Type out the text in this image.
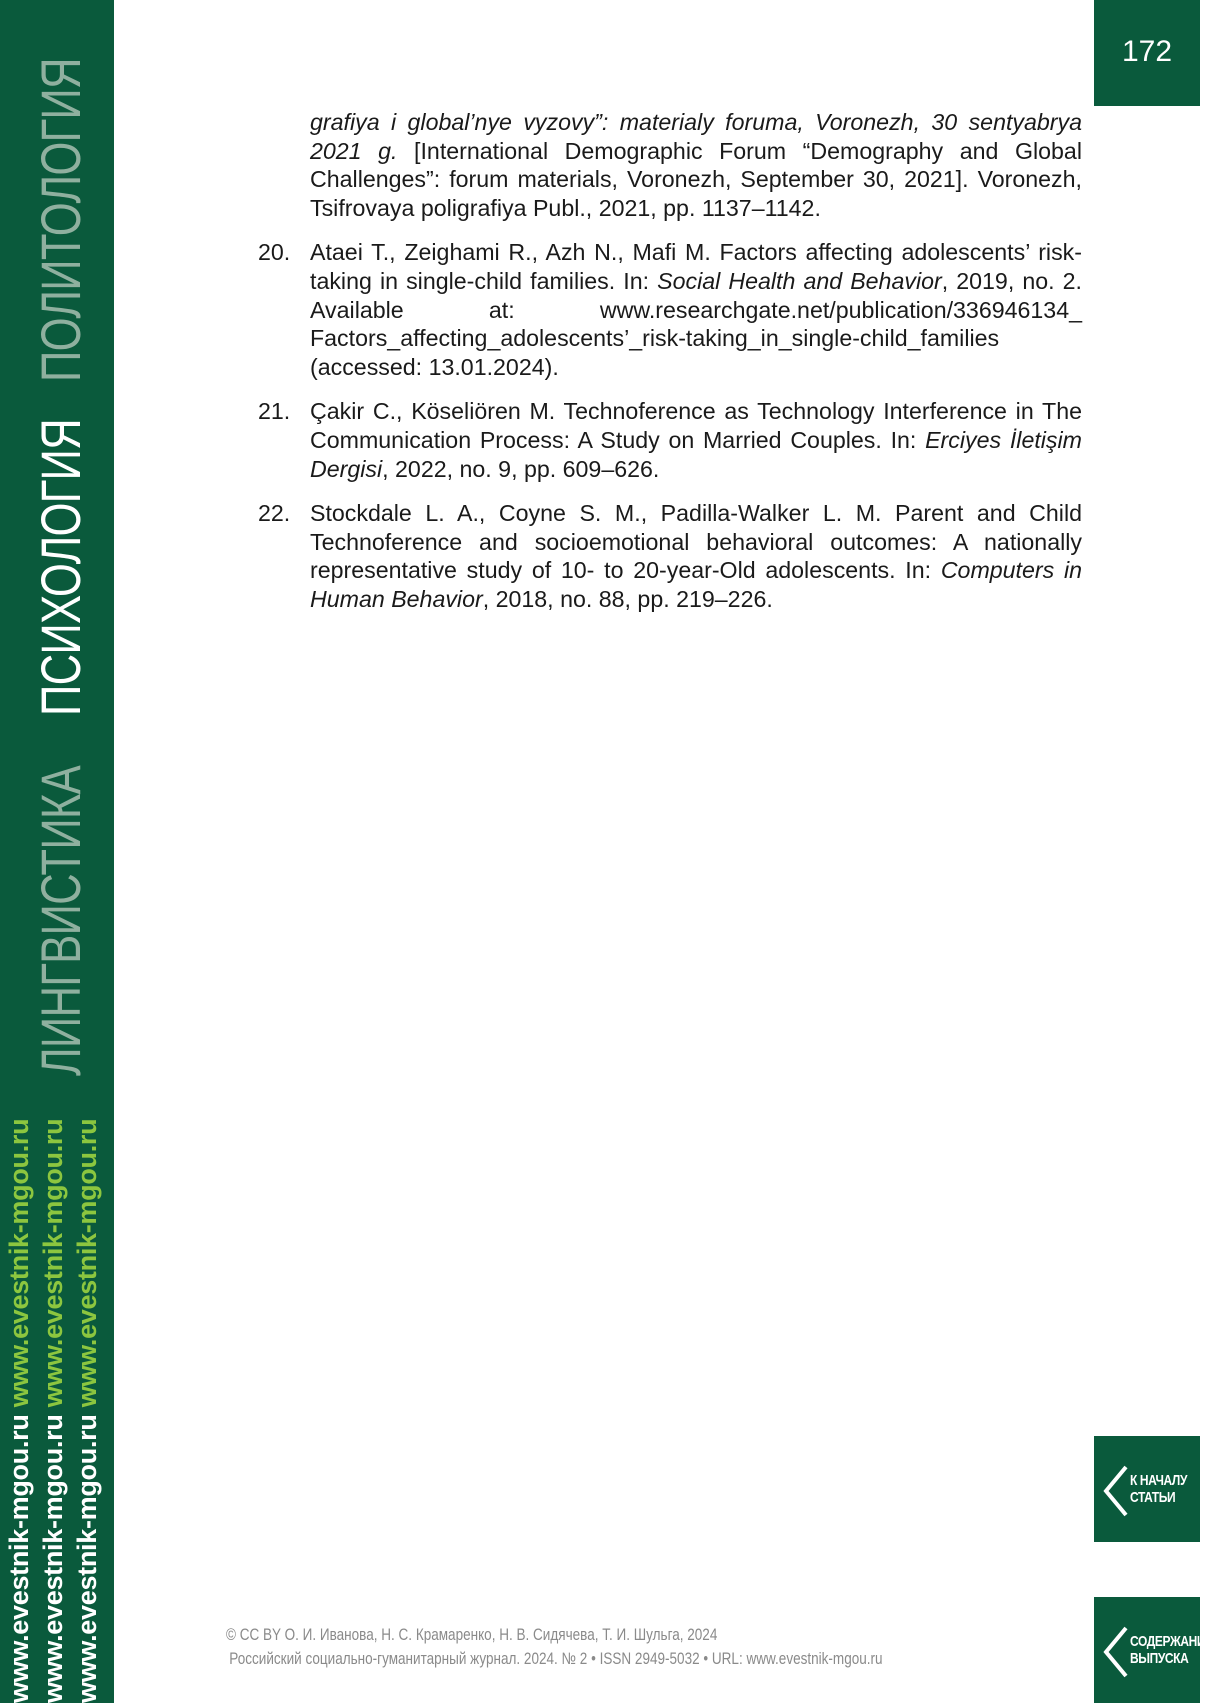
ПОЛИТОЛОГИЯ
ПСИХОЛОГИЯ
ЛИНГВИСТИКА
www.evestnik-mgou.ru www.evestnik-mgou.ru
www.evestnik-mgou.ru www.evestnik-mgou.ru
www.evestnik-mgou.ru www.evestnik-mgou.ru
172
grafiya i global’nye vyzovy”: materialy foruma, Voronezh, 30 sentyabrya 2021 g. [International Demographic Forum “Demography and Global Challenges”: forum materials, Voronezh, September 30, 2021]. Voronezh, Tsifrovaya poligrafiya Publ., 2021, pp. 1137–1142.
20. Ataei T., Zeighami R., Azh N., Mafi M. Factors affecting adolescents’ risk-taking in single-child families. In: Social Health and Behavior, 2019, no. 2. Available at: www.researchgate.net/publication/336946134_ Factors_affecting_adolescents’_risk-taking_in_single-child_families (accessed: 13.01.2024).
21. Çakir C., Köseliören M. Technoference as Technology Interference in The Communication Process: A Study on Married Couples. In: Erciyes İletişim Dergisi, 2022, no. 9, pp. 609–626.
22. Stockdale L. A., Coyne S. M., Padilla-Walker L. M. Parent and Child Technoference and socioemotional behavioral outcomes: A nationally representative study of 10- to 20-year-Old adolescents. In: Computers in Human Behavior, 2018, no. 88, pp. 219–226.
К НАЧАЛУ
СТАТЬИ
СОДЕРЖАНИЕ
ВЫПУСКА
© CC BY О. И. Иванова, Н. С. Крамаренко, Н. В. Сидячева, Т. И. Шульга, 2024
Российский социально-гуманитарный журнал. 2024. № 2 • ISSN 2949-5032 • URL: www.evestnik-mgou.ru
